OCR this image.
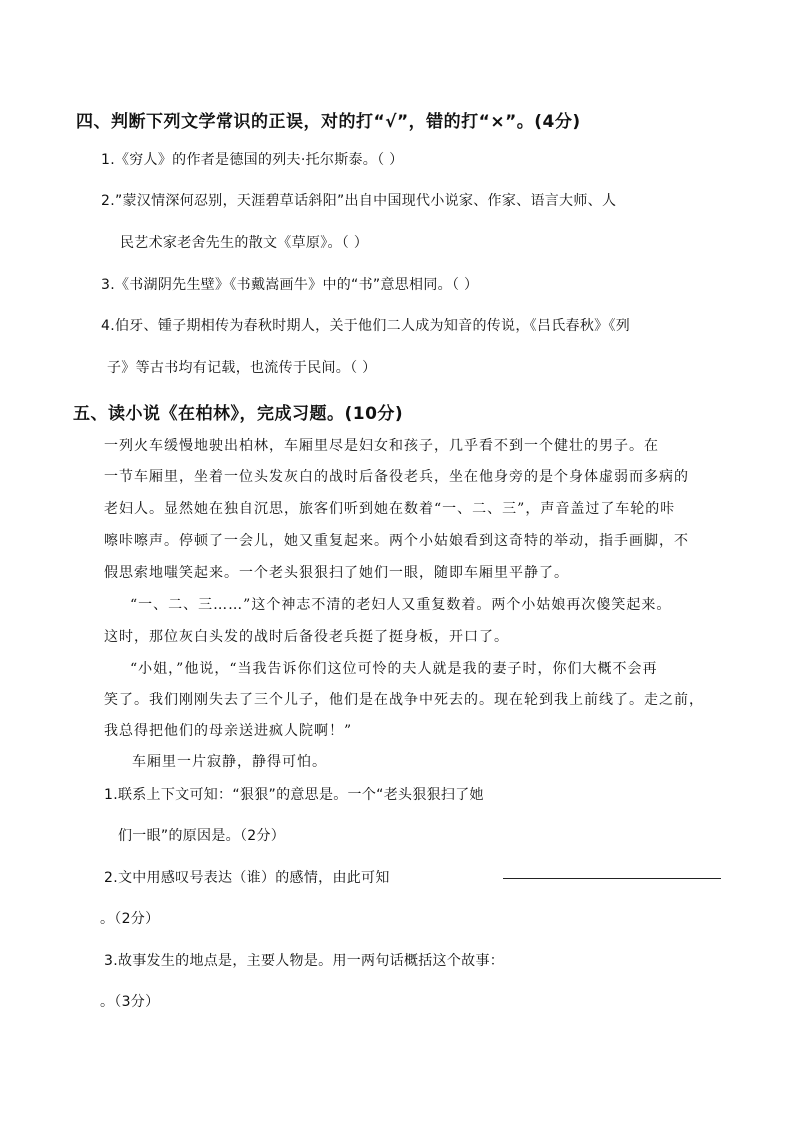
四、判断下列文学常识的正误，对的打“√”，错的打“×”。(4分)
1.《穷人》的作者是德国的列夫·托尔斯泰。（ ）
2.”蒙汉情深何忍别，天涯碧草话斜阳”出自中国现代小说家、作家、语言大师、人
民艺术家老舍先生的散文《草原》。（ ）
3.《书湖阴先生壁》《书戴嵩画牛》中的“书”意思相同。（ ）
4.伯牙、锺子期相传为春秋时期人，关于他们二人成为知音的传说，《吕氏春秋》《列
子》等古书均有记载，也流传于民间。（ ）
五、读小说《在柏林》，完成习题。(10分)
一列火车缓慢地驶出柏林，车厢里尽是妇女和孩子，几乎看不到一个健壮的男子。在
一节车厢里，坐着一位头发灰白的战时后备役老兵，坐在他身旁的是个身体虚弱而多病的
老妇人。显然她在独自沉思，旅客们听到她在数着“一、二、三”，声音盖过了车轮的咔
嚓咔嚓声。停顿了一会儿，她又重复起来。两个小姑娘看到这奇特的举动，指手画脚，不
假思索地嗤笑起来。一个老头狠狠扫了她们一眼，随即车厢里平静了。
“一、二、三……”这个神志不清的老妇人又重复数着。两个小姑娘再次傻笑起来。
这时，那位灰白头发的战时后备役老兵挺了挺身板，开口了。
“小姐，”他说，“当我告诉你们这位可怜的夫人就是我的妻子时，你们大概不会再
笑了。我们刚刚失去了三个儿子，他们是在战争中死去的。现在轮到我上前线了。走之前，
我总得把他们的母亲送进疯人院啊！”
车厢里一片寂静，静得可怕。
1.联系上下文可知：“狠狠”的意思是。一个“老头狠狠扫了她
们一眼”的原因是。（2分）
2.文中用感叹号表达（谁）的感情，由此可知
。（2分）
3.故事发生的地点是，主要人物是。用一两句话概括这个故事：
。（3分）
